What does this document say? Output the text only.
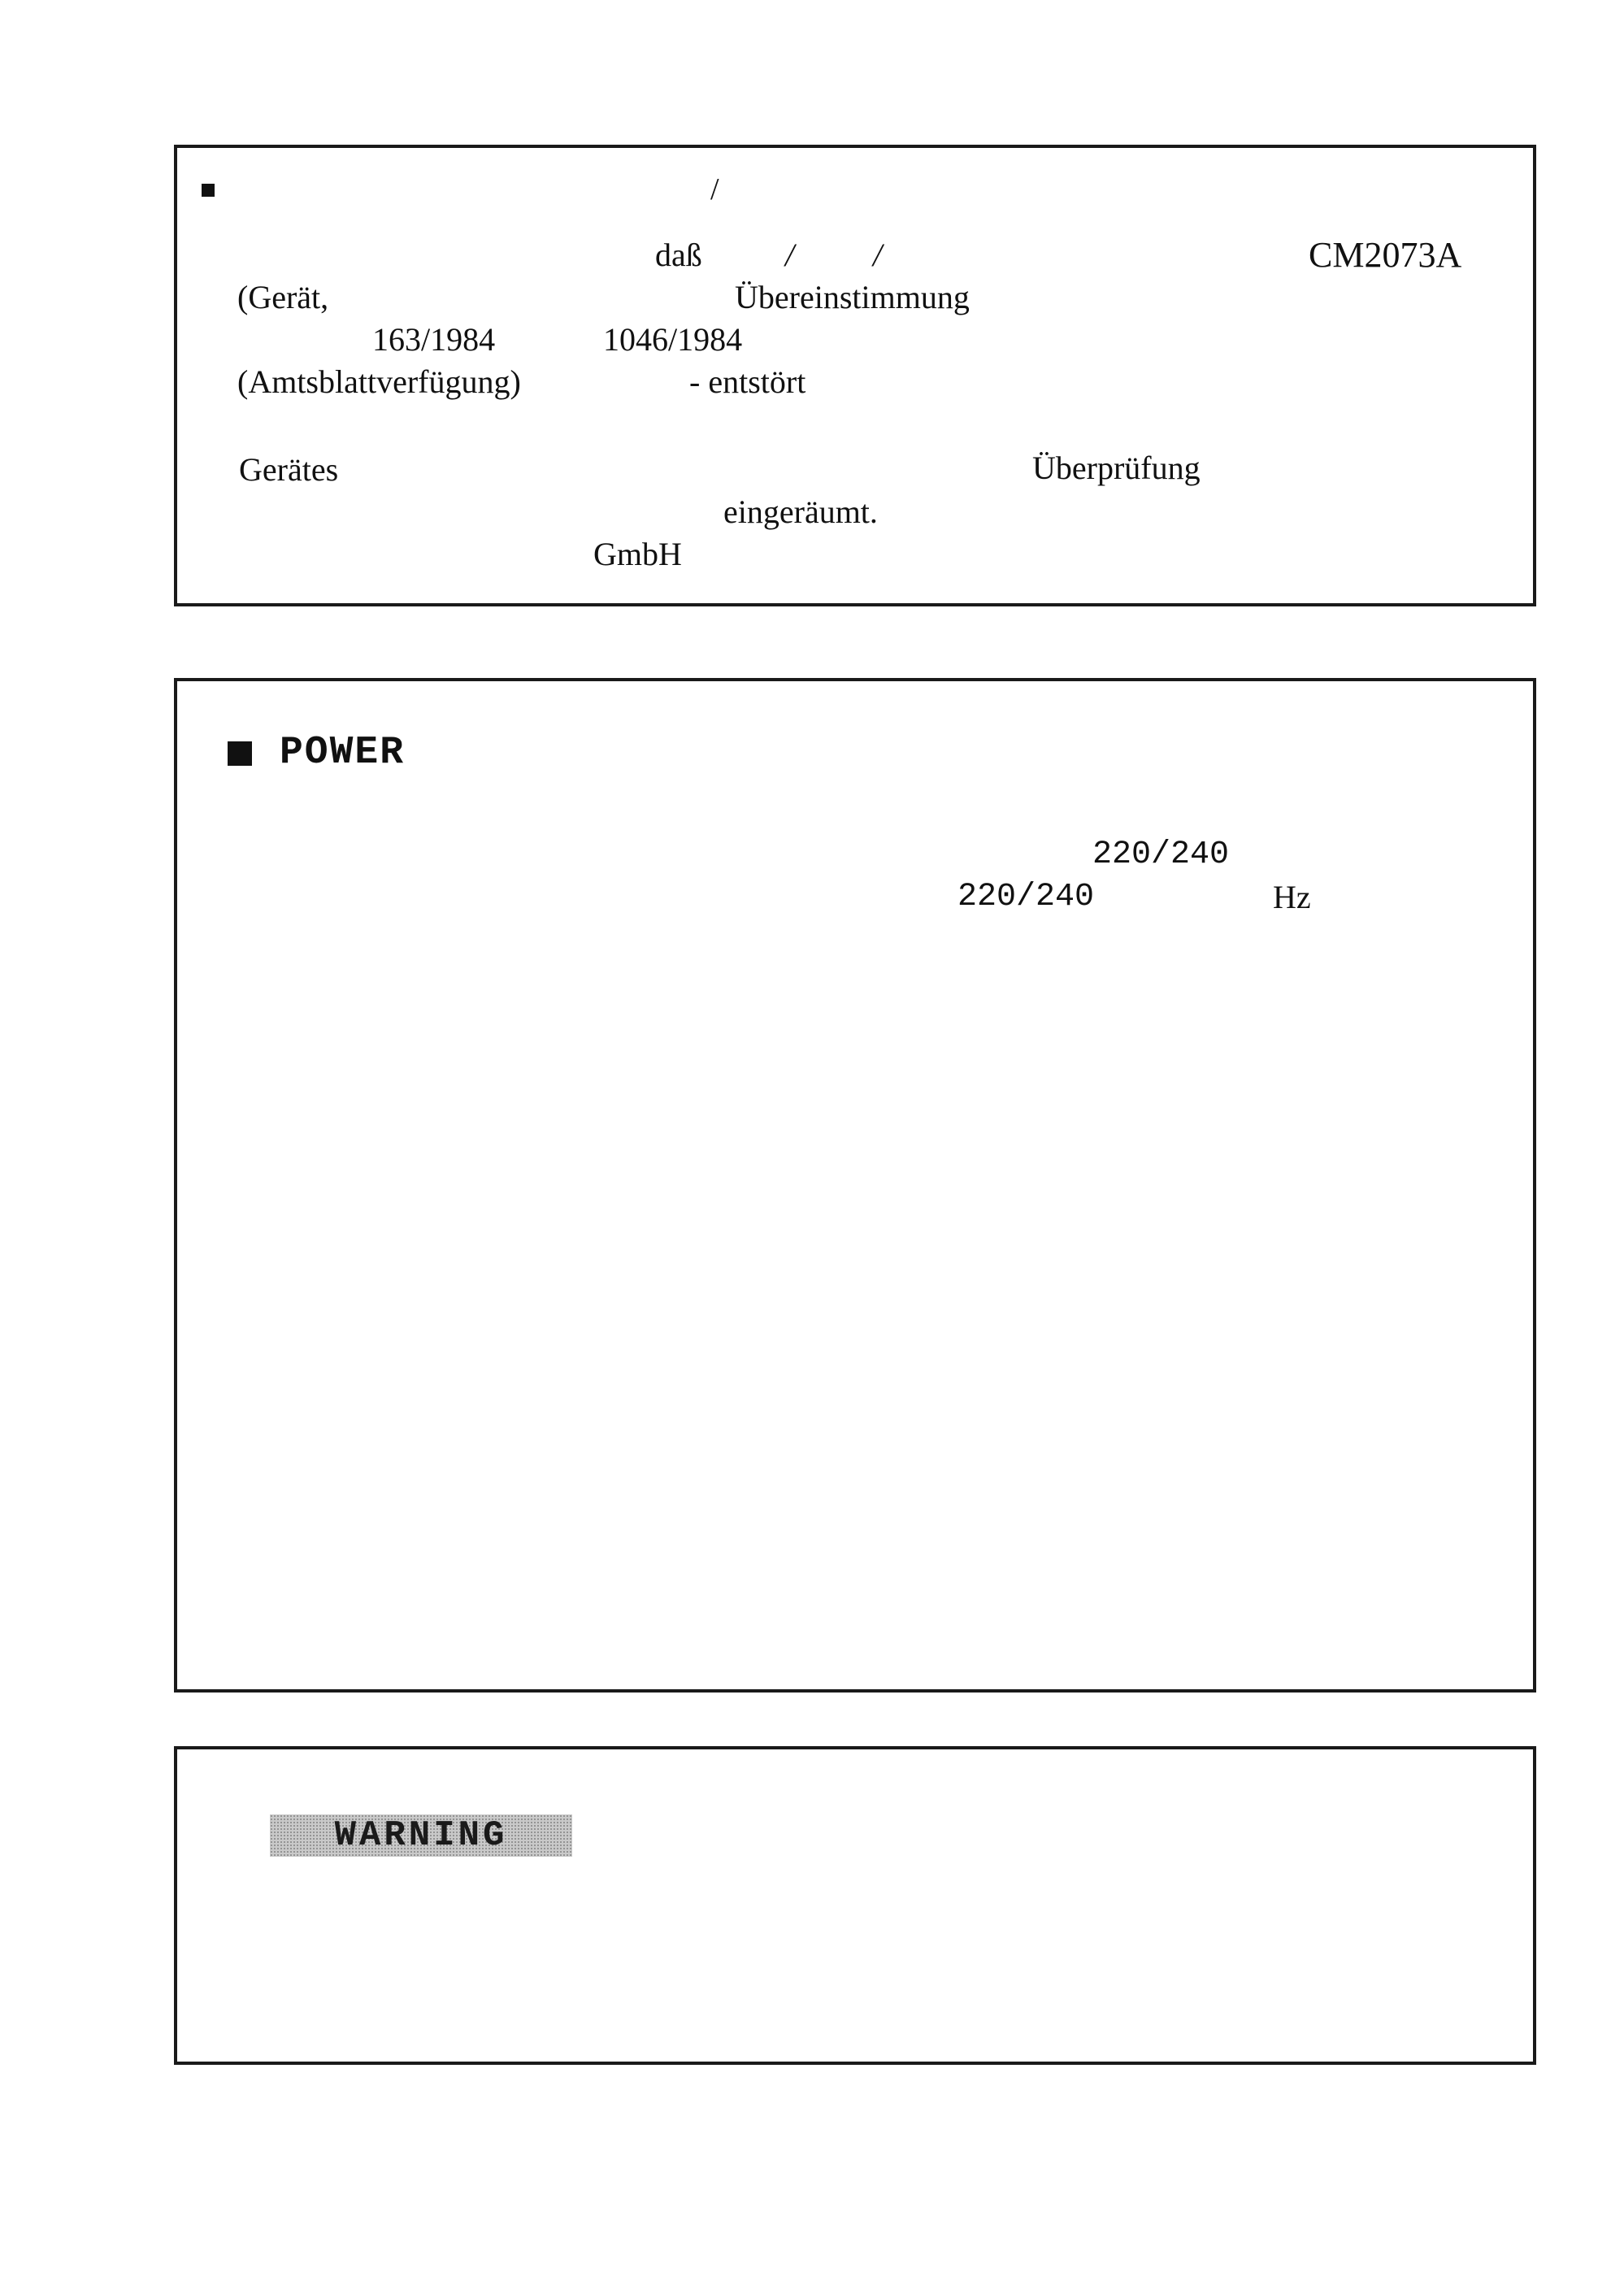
/
daß	/ /	CM2073A
(Gerät,	Übereinstimmung
163/1984	1046/1984
(Amtsblattverfügung)	- entstört
Gerätes	Überprüfung
eingeräumt.
GmbH
POWER
220/240
220/240	Hz
WARNING
